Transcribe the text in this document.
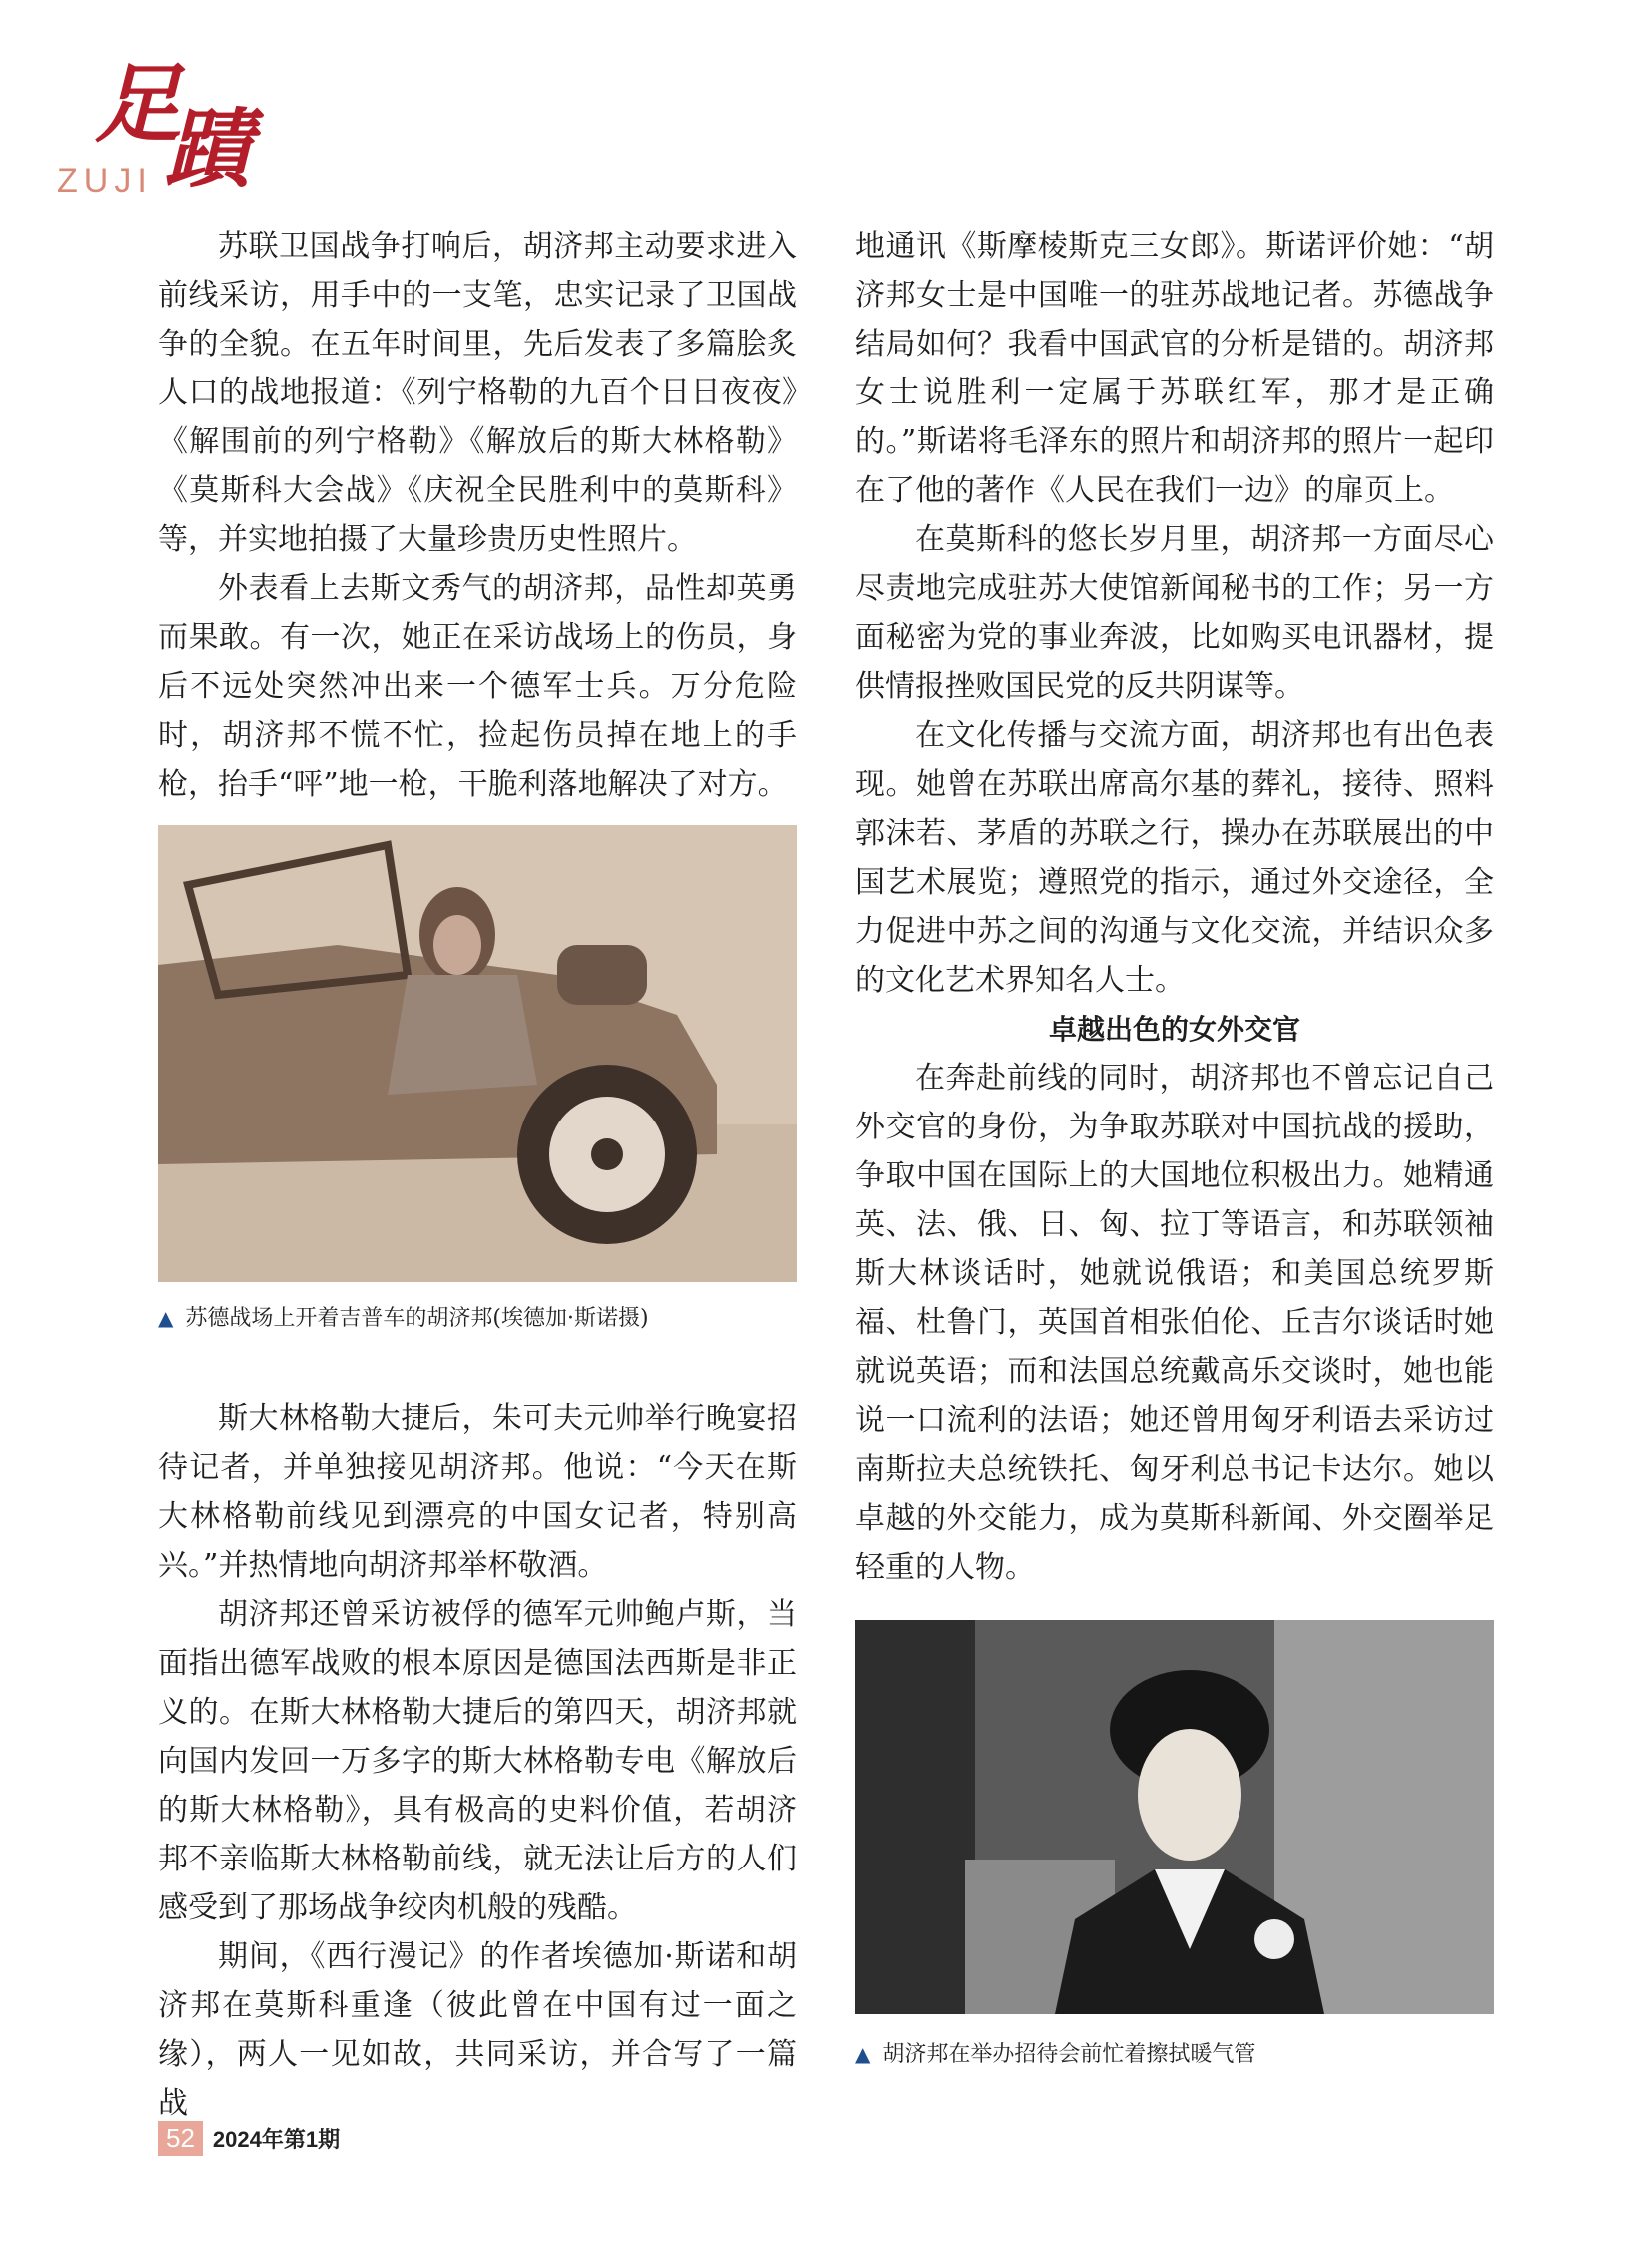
足
蹟
ZUJI

苏联卫国战争打响后，胡济邦主动要求进入前线采访，用手中的一支笔，忠实记录了卫国战争的全貌。在五年时间里，先后发表了多篇脍炙人口的战地报道：《列宁格勒的九百个日日夜夜》《解围前的列宁格勒》《解放后的斯大林格勒》《莫斯科大会战》《庆祝全民胜利中的莫斯科》等，并实地拍摄了大量珍贵历史性照片。

外表看上去斯文秀气的胡济邦，品性却英勇而果敢。有一次，她正在采访战场上的伤员，身后不远处突然冲出来一个德军士兵。万分危险时，胡济邦不慌不忙，捡起伤员掉在地上的手枪，抬手“呯”地一枪，干脆利落地解决了对方。

▲ 苏德战场上开着吉普车的胡济邦(埃德加·斯诺摄)

斯大林格勒大捷后，朱可夫元帅举行晚宴招待记者，并单独接见胡济邦。他说：“今天在斯大林格勒前线见到漂亮的中国女记者，特别高兴。”并热情地向胡济邦举杯敬酒。

胡济邦还曾采访被俘的德军元帅鲍卢斯，当面指出德军战败的根本原因是德国法西斯是非正义的。在斯大林格勒大捷后的第四天，胡济邦就向国内发回一万多字的斯大林格勒专电《解放后的斯大林格勒》，具有极高的史料价值，若胡济邦不亲临斯大林格勒前线，就无法让后方的人们感受到了那场战争绞肉机般的残酷。

期间，《西行漫记》的作者埃德加·斯诺和胡济邦在莫斯科重逢（彼此曾在中国有过一面之缘），两人一见如故，共同采访，并合写了一篇战

地通讯《斯摩棱斯克三女郎》。斯诺评价她：“胡济邦女士是中国唯一的驻苏战地记者。苏德战争结局如何？我看中国武官的分析是错的。胡济邦女士说胜利一定属于苏联红军，那才是正确的。”斯诺将毛泽东的照片和胡济邦的照片一起印在了他的著作《人民在我们一边》的扉页上。

在莫斯科的悠长岁月里，胡济邦一方面尽心尽责地完成驻苏大使馆新闻秘书的工作；另一方面秘密为党的事业奔波，比如购买电讯器材，提供情报挫败国民党的反共阴谋等。

在文化传播与交流方面，胡济邦也有出色表现。她曾在苏联出席高尔基的葬礼，接待、照料郭沫若、茅盾的苏联之行，操办在苏联展出的中国艺术展览；遵照党的指示，通过外交途径，全力促进中苏之间的沟通与文化交流，并结识众多的文化艺术界知名人士。

卓越出色的女外交官

在奔赴前线的同时，胡济邦也不曾忘记自己外交官的身份，为争取苏联对中国抗战的援助，争取中国在国际上的大国地位积极出力。她精通英、法、俄、日、匈、拉丁等语言，和苏联领袖斯大林谈话时，她就说俄语；和美国总统罗斯福、杜鲁门，英国首相张伯伦、丘吉尔谈话时她就说英语；而和法国总统戴高乐交谈时，她也能说一口流利的法语；她还曾用匈牙利语去采访过南斯拉夫总统铁托、匈牙利总书记卡达尔。她以卓越的外交能力，成为莫斯科新闻、外交圈举足轻重的人物。

▲ 胡济邦在举办招待会前忙着擦拭暖气管
52 2024年第1期
